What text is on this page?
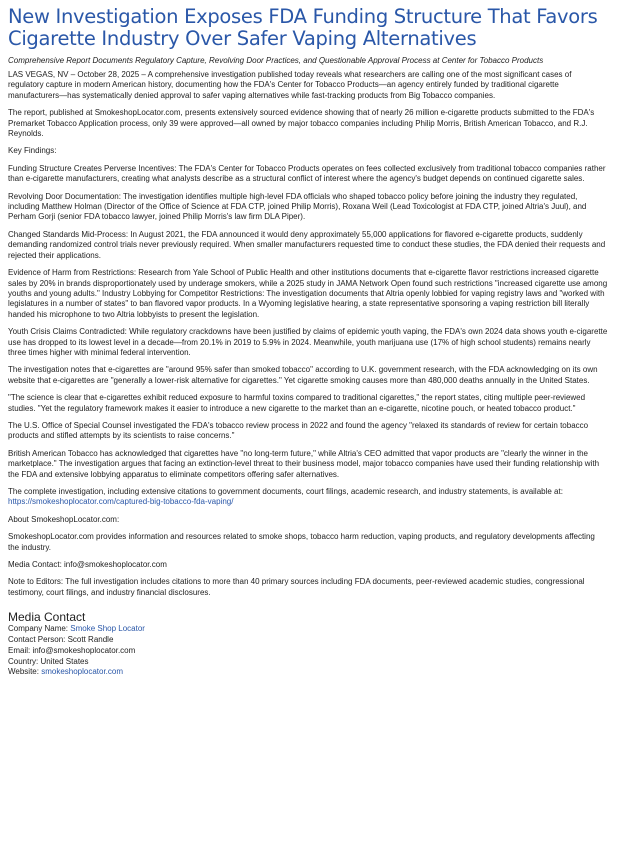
New Investigation Exposes FDA Funding Structure That Favors Cigarette Industry Over Safer Vaping Alternatives
Comprehensive Report Documents Regulatory Capture, Revolving Door Practices, and Questionable Approval Process at Center for Tobacco Products

LAS VEGAS, NV – October 28, 2025 – A comprehensive investigation published today reveals what researchers are calling one of the most significant cases of regulatory capture in modern American history, documenting how the FDA's Center for Tobacco Products—an agency entirely funded by traditional cigarette manufacturers—has systematically denied approval to safer vaping alternatives while fast-tracking products from Big Tobacco companies.

The report, published at SmokeshopLocator.com, presents extensively sourced evidence showing that of nearly 26 million e-cigarette products submitted to the FDA's Premarket Tobacco Application process, only 39 were approved—all owned by major tobacco companies including Philip Morris, British American Tobacco, and R.J. Reynolds.

Key Findings:

Funding Structure Creates Perverse Incentives: The FDA's Center for Tobacco Products operates on fees collected exclusively from traditional tobacco companies rather than e-cigarette manufacturers, creating what analysts describe as a structural conflict of interest where the agency's budget depends on continued cigarette sales.

Revolving Door Documentation: The investigation identifies multiple high-level FDA officials who shaped tobacco policy before joining the industry they regulated, including Matthew Holman (Director of the Office of Science at FDA CTP, joined Philip Morris), Roxana Weil (Lead Toxicologist at FDA CTP, joined Altria's Juul), and Perham Gorji (senior FDA tobacco lawyer, joined Philip Morris's law firm DLA Piper).

Changed Standards Mid-Process: In August 2021, the FDA announced it would deny approximately 55,000 applications for flavored e-cigarette products, suddenly demanding randomized control trials never previously required. When smaller manufacturers requested time to conduct these studies, the FDA denied their requests and rejected their applications.

Evidence of Harm from Restrictions: Research from Yale School of Public Health and other institutions documents that e-cigarette flavor restrictions increased cigarette sales by 20% in brands disproportionately used by underage smokers, while a 2025 study in JAMA Network Open found such restrictions "increased cigarette use among youths and young adults." Industry Lobbying for Competitor Restrictions: The investigation documents that Altria openly lobbied for vaping registry laws and "worked with legislatures in a number of states" to ban flavored vapor products. In a Wyoming legislative hearing, a state representative sponsoring a vaping restriction bill literally handed his microphone to two Altria lobbyists to present the legislation.

Youth Crisis Claims Contradicted: While regulatory crackdowns have been justified by claims of epidemic youth vaping, the FDA's own 2024 data shows youth e-cigarette use has dropped to its lowest level in a decade—from 20.1% in 2019 to 5.9% in 2024. Meanwhile, youth marijuana use (17% of high school students) remains nearly three times higher with minimal federal intervention.

The investigation notes that e-cigarettes are "around 95% safer than smoked tobacco" according to U.K. government research, with the FDA acknowledging on its own website that e-cigarettes are "generally a lower-risk alternative for cigarettes." Yet cigarette smoking causes more than 480,000 deaths annually in the United States.

"The science is clear that e-cigarettes exhibit reduced exposure to harmful toxins compared to traditional cigarettes," the report states, citing multiple peer-reviewed studies. "Yet the regulatory framework makes it easier to introduce a new cigarette to the market than an e-cigarette, nicotine pouch, or heated tobacco product."

The U.S. Office of Special Counsel investigated the FDA's tobacco review process in 2022 and found the agency "relaxed its standards of review for certain tobacco products and stifled attempts by its scientists to raise concerns."

British American Tobacco has acknowledged that cigarettes have "no long-term future," while Altria's CEO admitted that vapor products are "clearly the winner in the marketplace." The investigation argues that facing an extinction-level threat to their business model, major tobacco companies have used their funding relationship with the FDA and extensive lobbying apparatus to eliminate competitors offering safer alternatives.

The complete investigation, including extensive citations to government documents, court filings, academic research, and industry statements, is available at: https://smokeshoplocator.com/captured-big-tobacco-fda-vaping/

About SmokeshopLocator.com:

SmokeshopLocator.com provides information and resources related to smoke shops, tobacco harm reduction, vaping products, and regulatory developments affecting the industry.

Media Contact: info@smokeshoplocator.com

Note to Editors: The full investigation includes citations to more than 40 primary sources including FDA documents, peer-reviewed academic studies, congressional testimony, court filings, and industry financial disclosures.

Media Contact
Company Name: Smoke Shop Locator
Contact Person: Scott Randle
Email: info@smokeshoplocator.com
Country: United States
Website: smokeshoplocator.com
